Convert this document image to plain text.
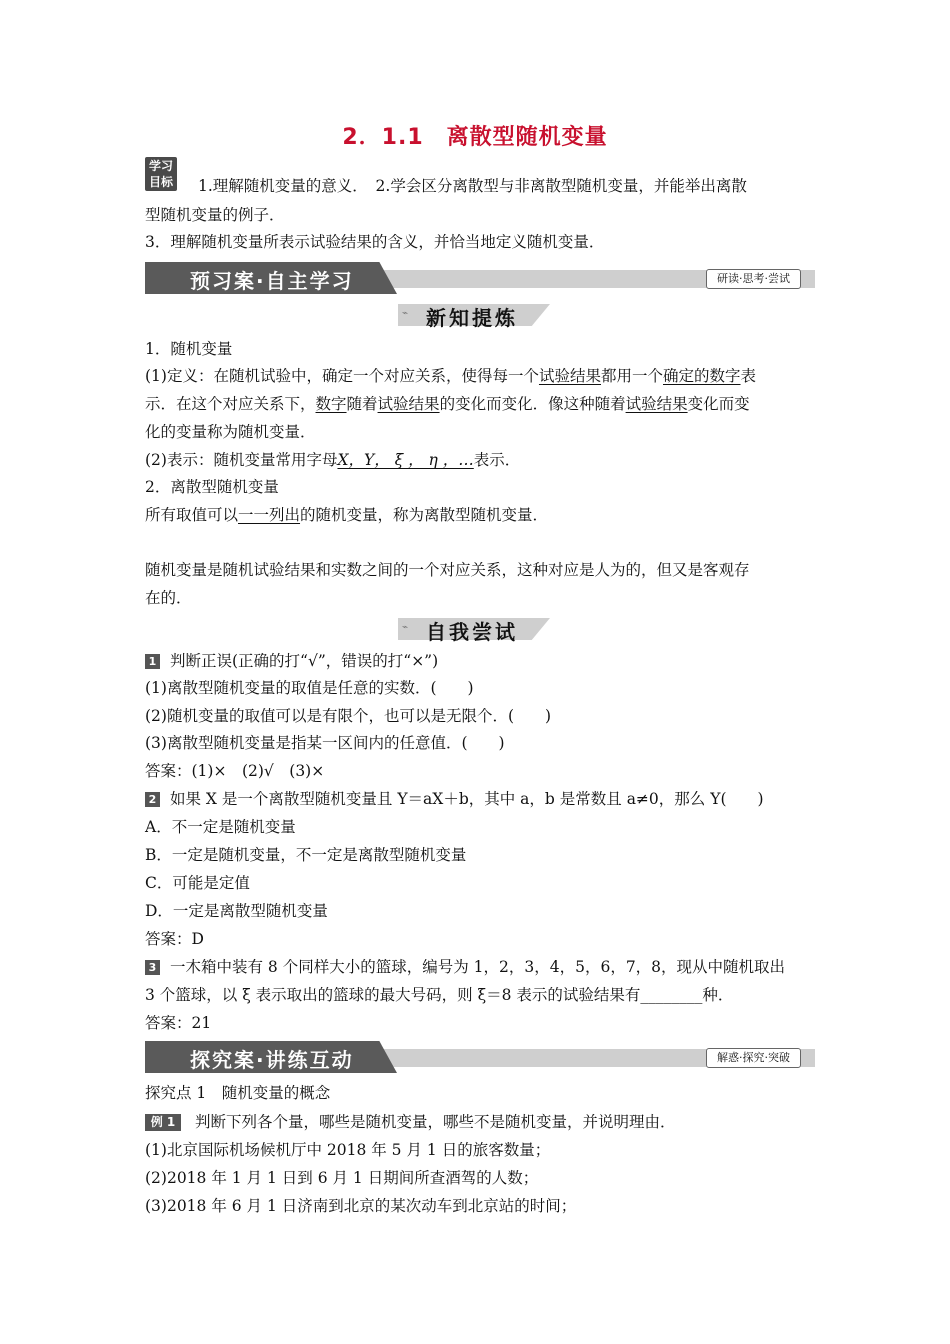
2．1.1　离散型随机变量
学习
目标 1.理解随机变量的意义．　2.学会区分离散型与非离散型随机变量，并能举出离散
型随机变量的例子．
3．理解随机变量所表示试验结果的含义，并恰当地定义随机变量．
预习案·自主学习	研读·思考·尝试
⌁ 新知提炼
1．随机变量
(1)定义：在随机试验中，确定一个对应关系，使得每一个试验结果都用一个确定的数字表
示．在这个对应关系下，数字随着试验结果的变化而变化．像这种随着试验结果变化而变
化的变量称为随机变量．
(2)表示：随机变量常用字母X，Y， ξ ， η ，…表示．
2．离散型随机变量
所有取值可以一一列出的随机变量，称为离散型随机变量．
随机变量是随机试验结果和实数之间的一个对应关系，这种对应是人为的，但又是客观存
在的．
⌁ 自我尝试
1 判断正误(正确的打“√”，错误的打“×”)
(1)离散型随机变量的取值是任意的实数．(　　)
(2)随机变量的取值可以是有限个，也可以是无限个．(　　)
(3)离散型随机变量是指某一区间内的任意值．(　　)
答案：(1)×　(2)√　(3)×
2 如果 X 是一个离散型随机变量且 Y＝aX＋b，其中 a，b 是常数且 a≠0，那么 Y(　　)
A．不一定是随机变量
B．一定是随机变量，不一定是离散型随机变量
C．可能是定值
D．一定是离散型随机变量
答案：D
3 一木箱中装有 8 个同样大小的篮球，编号为 1，2，3，4，5，6，7，8，现从中随机取出
3 个篮球，以 ξ 表示取出的篮球的最大号码，则 ξ＝8 表示的试验结果有________种．
答案：21
探究案·讲练互动	解惑·探究·突破
探究点 1　随机变量的概念
例 1 判断下列各个量，哪些是随机变量，哪些不是随机变量，并说明理由．
(1)北京国际机场候机厅中 2018 年 5 月 1 日的旅客数量；
(2)2018 年 1 月 1 日到 6 月 1 日期间所查酒驾的人数；
(3)2018 年 6 月 1 日济南到北京的某次动车到北京站的时间；
